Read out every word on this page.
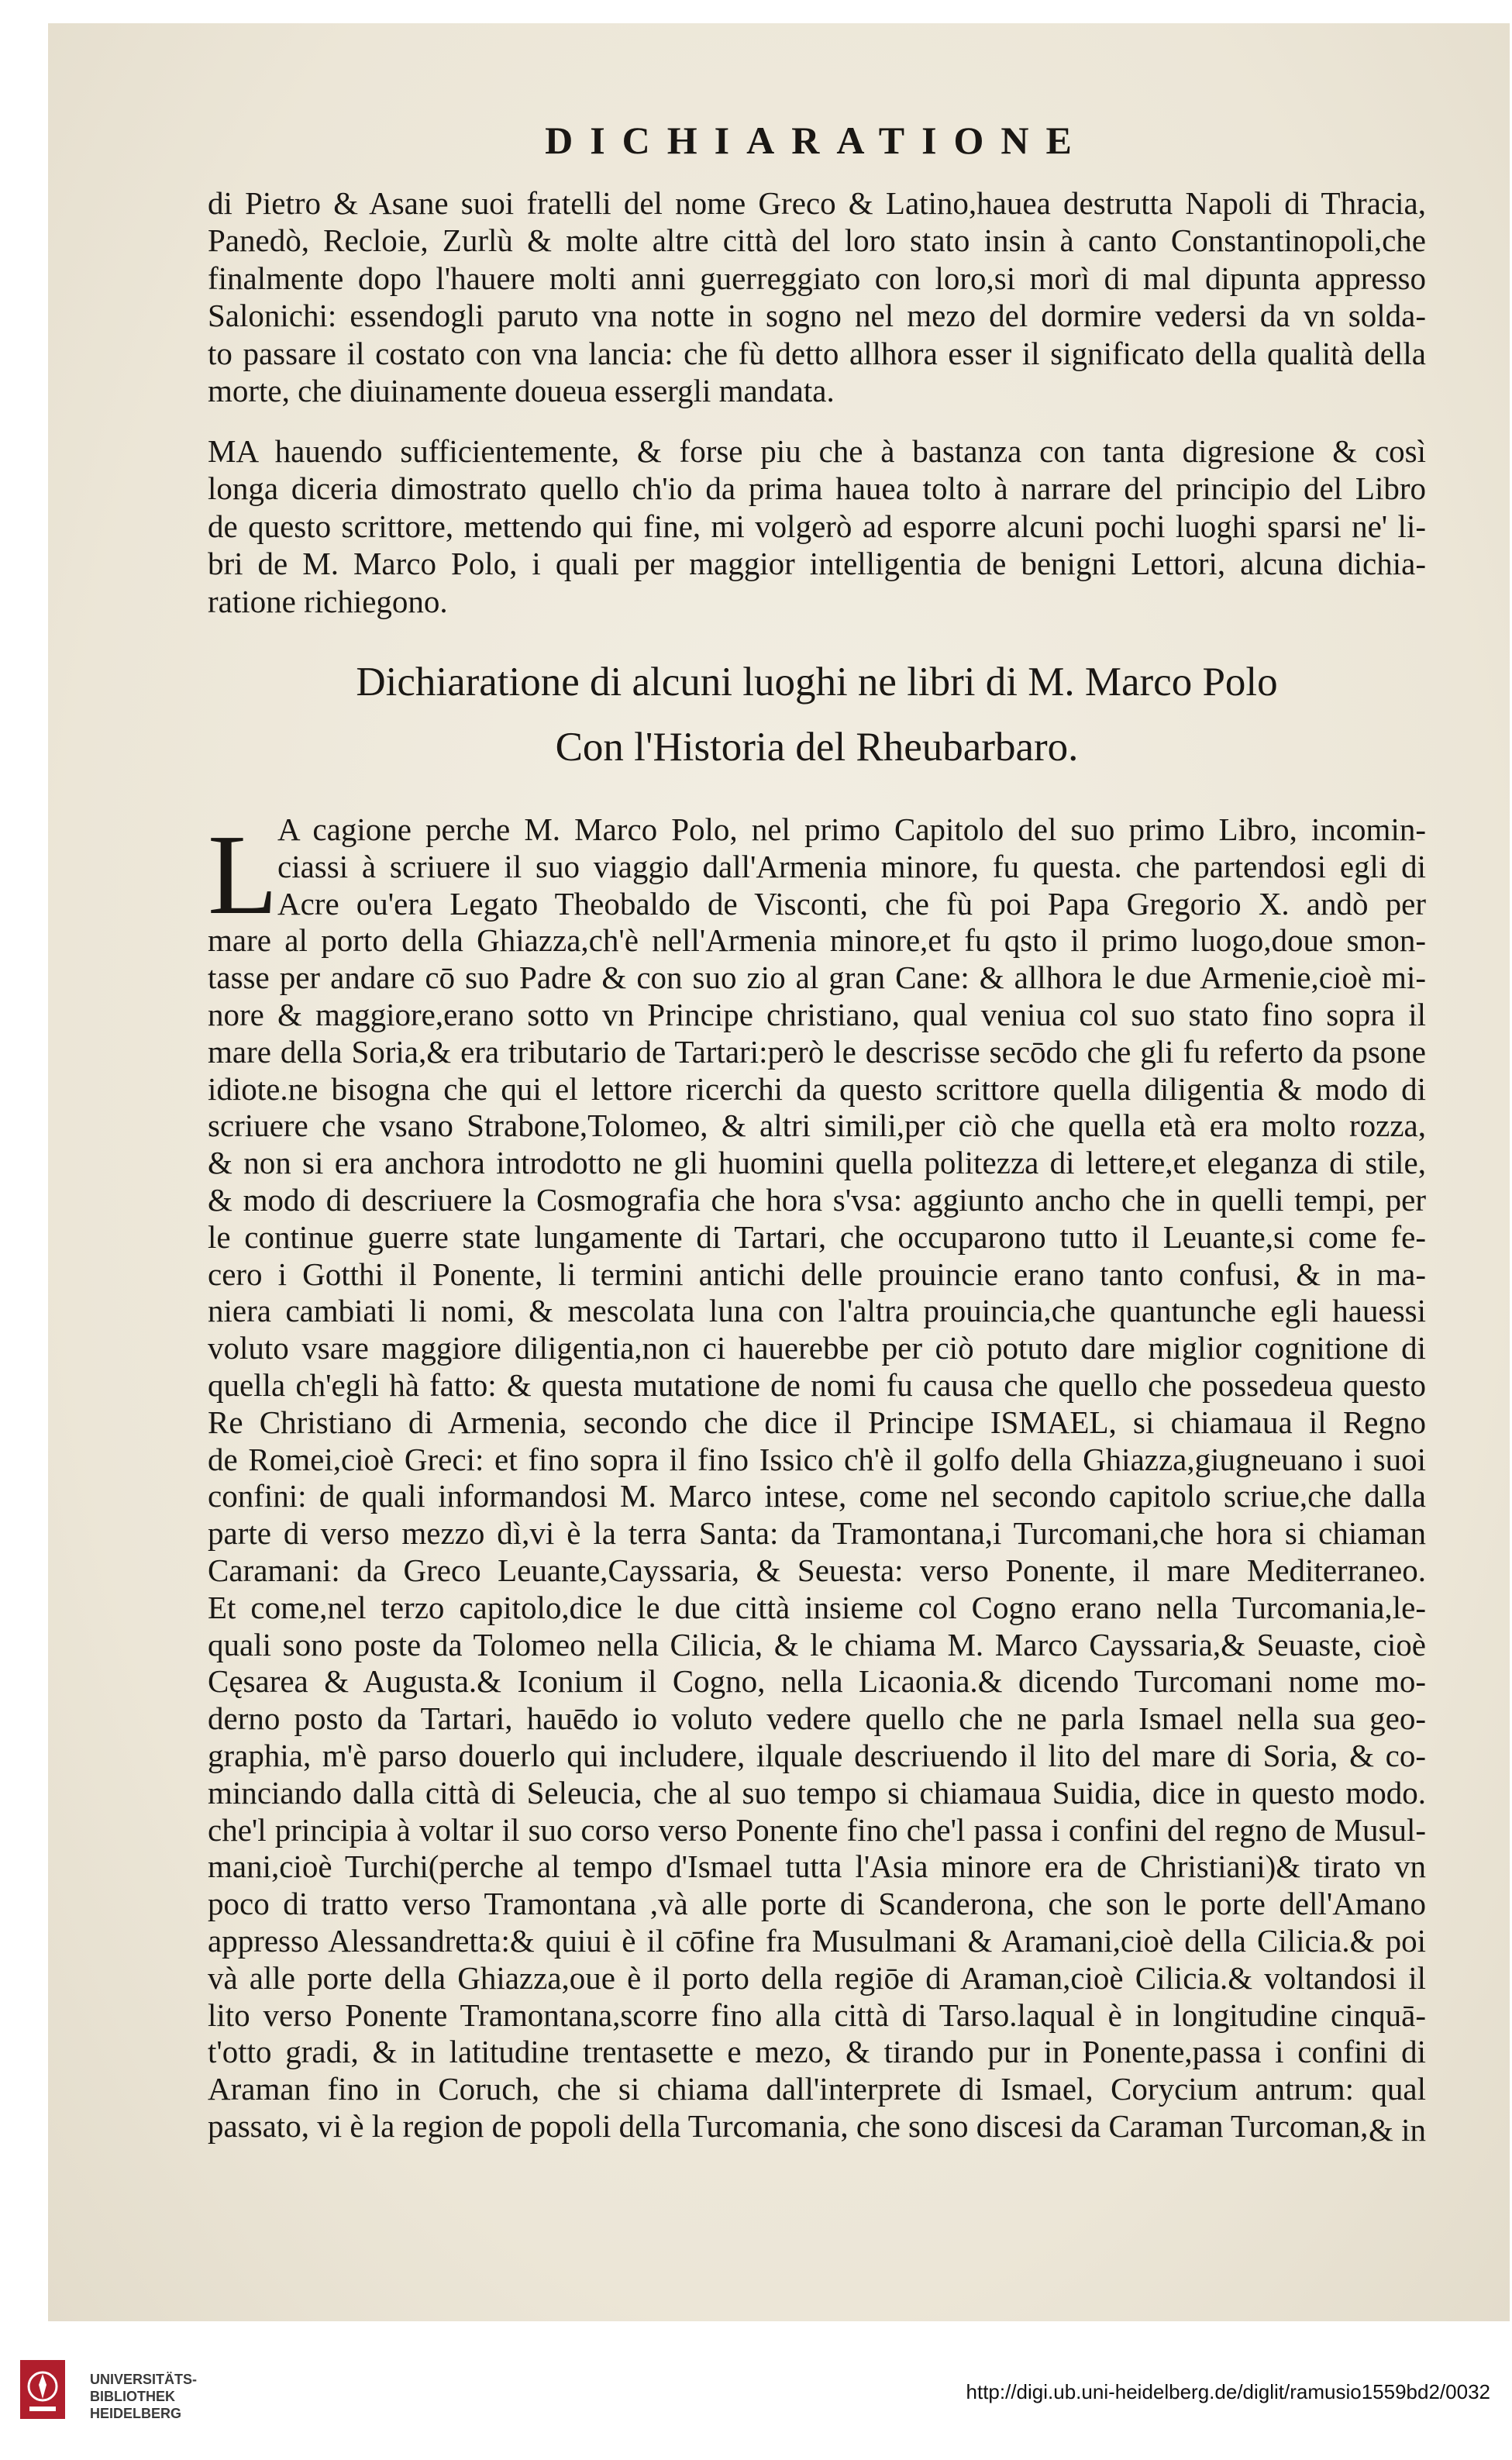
DICHIARATIONE
di Pietro & Asane suoi fratelli del nome Greco & Latino,hauea destrutta Napoli di Thracia,
Panedò, Recloie, Zurlù & molte altre città del loro stato insin à canto Constantinopoli,che
finalmente dopo l'hauere molti anni guerreggiato con loro,si morì di mal dipunta appresso
Salonichi: essendogli paruto vna notte in sogno nel mezo del dormire vedersi da vn solda-
to passare il costato con vna lancia: che fù detto allhora esser il significato della qualità della
morte, che diuinamente doueua essergli mandata.
MA hauendo sufficientemente, & forse piu che à bastanza con tanta digresione & così
longa diceria dimostrato quello ch'io da prima hauea tolto à narrare del principio del Libro
de questo scrittore, mettendo qui fine, mi volgerò ad esporre alcuni pochi luoghi sparsi ne' li-
bri de M. Marco Polo, i quali per maggior intelligentia de benigni Lettori, alcuna dichia-
ratione richiegono.
Dichiaratione di alcuni luoghi ne libri di M. Marco Polo
Con l'Historia del Rheubarbaro.
L A cagione perche M. Marco Polo, nel primo Capitolo del suo primo Libro, incomin-
ciassi à scriuere il suo viaggio dall'Armenia minore, fu questa. che partendosi egli di
Acre ou'era Legato Theobaldo de Visconti, che fù poi Papa Gregorio X. andò per
mare al porto della Ghiazza,ch'è nell'Armenia minore,et fu qsto il primo luogo,doue smon-
tasse per andare cō suo Padre & con suo zio al gran Cane: & allhora le due Armenie,cioè mi-
nore & maggiore,erano sotto vn Principe christiano, qual veniua col suo stato fino sopra il
mare della Soria,& era tributario de Tartari:però le descrisse secōdo che gli fu referto da psone
idiote.ne bisogna che qui el lettore ricerchi da questo scrittore quella diligentia & modo di
scriuere che vsano Strabone,Tolomeo, & altri simili,per ciò che quella età era molto rozza,
& non si era anchora introdotto ne gli huomini quella politezza di lettere,et eleganza di stile,
& modo di descriuere la Cosmografia che hora s'vsa: aggiunto ancho che in quelli tempi, per
le continue guerre state lungamente di Tartari, che occuparono tutto il Leuante,si come fe-
cero i Gotthi il Ponente, li termini antichi delle prouincie erano tanto confusi, & in ma-
niera cambiati li nomi, & mescolata luna con l'altra prouincia,che quantunche egli hauessi
voluto vsare maggiore diligentia,non ci hauerebbe per ciò potuto dare miglior cognitione di
quella ch'egli hà fatto: & questa mutatione de nomi fu causa che quello che possedeua questo
Re Christiano di Armenia, secondo che dice il Principe ISMAEL, si chiamaua il Regno
de Romei,cioè Greci: et fino sopra il fino Issico ch'è il golfo della Ghiazza,giugneuano i suoi
confini: de quali informandosi M. Marco intese, come nel secondo capitolo scriue,che dalla
parte di verso mezzo dì,vi è la terra Santa: da Tramontana,i Turcomani,che hora si chiaman
Caramani: da Greco Leuante,Cayssaria, & Seuesta: verso Ponente, il mare Mediterraneo.
Et come,nel terzo capitolo,dice le due città insieme col Cogno erano nella Turcomania,le-
quali sono poste da Tolomeo nella Cilicia, & le chiama M. Marco Cayssaria,& Seuaste, cioè
Cęsarea & Augusta.& Iconium il Cogno, nella Licaonia.& dicendo Turcomani nome mo-
derno posto da Tartari, hauēdo io voluto vedere quello che ne parla Ismael nella sua geo-
graphia, m'è parso douerlo qui includere, ilquale descriuendo il lito del mare di Soria, & co-
minciando dalla città di Seleucia, che al suo tempo si chiamaua Suidia, dice in questo modo.
che'l principia à voltar il suo corso verso Ponente fino che'l passa i confini del regno de Musul-
mani,cioè Turchi(perche al tempo d'Ismael tutta l'Asia minore era de Christiani)& tirato vn
poco di tratto verso Tramontana ,và alle porte di Scanderona, che son le porte dell'Amano
appresso Alessandretta:& quiui è il cōfine fra Musulmani & Aramani,cioè della Cilicia.& poi
và alle porte della Ghiazza,oue è il porto della regiōe di Araman,cioè Cilicia.& voltandosi il
lito verso Ponente Tramontana,scorre fino alla città di Tarso.laqual è in longitudine cinquā-
t'otto gradi, & in latitudine trentasette e mezo, & tirando pur in Ponente,passa i confini di
Araman fino in Coruch, che si chiama dall'interprete di Ismael, Corycium antrum: qual
passato, vi è la region de popoli della Turcomania, che sono discesi da Caraman Turcoman, & in
UNIVERSITÄTS-
BIBLIOTHEK
HEIDELBERG
http://digi.ub.uni-heidelberg.de/diglit/ramusio1559bd2/0032
